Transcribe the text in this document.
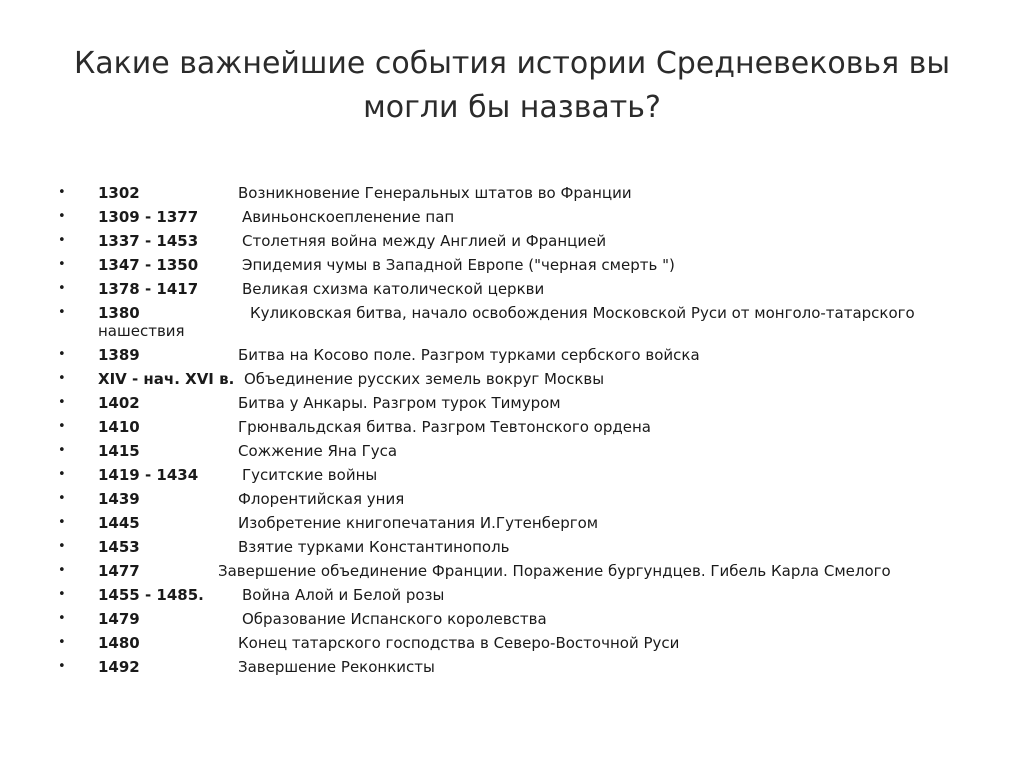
Какие важнейшие события истории Средневековья вы могли бы назвать?
• 1302	Возникновение Генеральных штатов во Франции
• 1309 - 1377	Авиньонскоепленение пап
• 1337 - 1453	Столетняя война между Англией и Францией
• 1347 - 1350	Эпидемия чумы в Западной Европе ("черная смерть ")
• 1378 - 1417	Великая схизма католической церкви
• 1380	Куликовская битва, начало освобождения Московской Руси от монголо-татарского нашествия
• 1389	Битва на Косово поле. Разгром турками сербского войска
• XIV - нач. XVI в. Объединение русских земель вокруг Москвы
• 1402	Битва у Анкары. Разгром турок Тимуром
• 1410	Грюнвальдская битва. Разгром Тевтонского ордена
• 1415	Сожжение Яна Гуса
• 1419 - 1434	Гуситские войны
• 1439	Флорентийская уния
• 1445	Изобретение книгопечатания И.Гутенбергом
• 1453	Взятие турками Константинополь
• 1477	Завершение объединение Франции. Поражение бургундцев. Гибель Карла Смелого
• 1455 - 1485.	Война Алой и Белой розы
• 1479	Образование Испанского королевства
• 1480	Конец татарского господства в Северо-Восточной Руси
• 1492	Завершение Реконкисты
